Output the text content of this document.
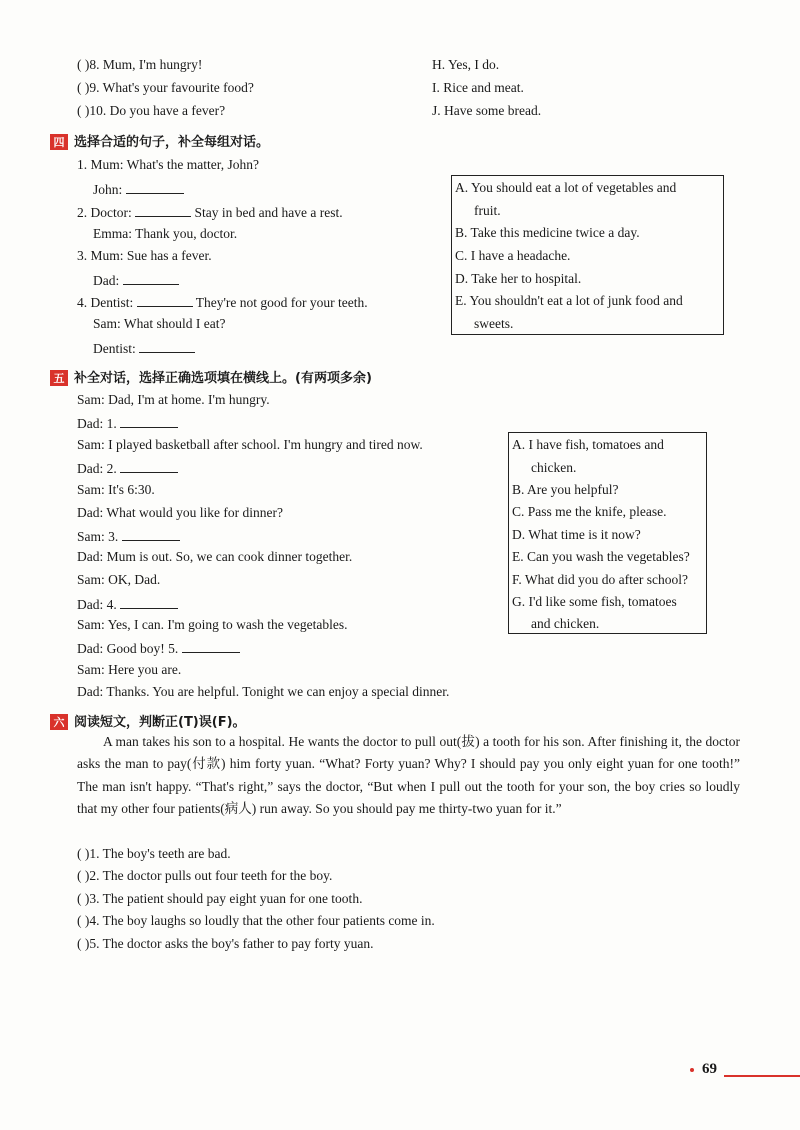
( )8. Mum, I'm hungry!
( )9. What's your favourite food?
( )10. Do you have a fever?
H. Yes, I do.
I. Rice and meat.
J. Have some bread.
四 选择合适的句子，补全每组对话。
1. Mum: What's the matter, John?
John:
2. Doctor:	Stay in bed and have a rest.
Emma: Thank you, doctor.
3. Mum: Sue has a fever.
Dad:
4. Dentist:	They're not good for your teeth.
Sam: What should I eat?
Dentist:
A. You should eat a lot of vegetables and
fruit.
B. Take this medicine twice a day.
C. I have a headache.
D. Take her to hospital.
E. You shouldn't eat a lot of junk food and
sweets.
五 补全对话，选择正确选项填在横线上。(有两项多余)
Sam: Dad, I'm at home. I'm hungry.
Dad: 1.
Sam: I played basketball after school. I'm hungry and tired now.
Dad: 2.
Sam: It's 6:30.
Dad: What would you like for dinner?
Sam: 3.
Dad: Mum is out. So, we can cook dinner together.
Sam: OK, Dad.
Dad: 4.
Sam: Yes, I can. I'm going to wash the vegetables.
Dad: Good boy! 5.
Sam: Here you are.
Dad: Thanks. You are helpful. Tonight we can enjoy a special dinner.
A. I have fish, tomatoes and
chicken.
B. Are you helpful?
C. Pass me the knife, please.
D. What time is it now?
E. Can you wash the vegetables?
F. What did you do after school?
G. I'd like some fish, tomatoes
and chicken.
六 阅读短文，判断正(T)误(F)。
A man takes his son to a hospital. He wants the doctor to pull out(拔) a tooth for his son. After finishing it, the doctor asks the man to pay(付款) him forty yuan. “What? Forty yuan? Why? I should pay you only eight yuan for one tooth!” The man isn't happy. “That's right,” says the doctor, “But when I pull out the tooth for your son, the boy cries so loudly that my other four patients(病人) run away. So you should pay me thirty-two yuan for it.”
( )1. The boy's teeth are bad.
( )2. The doctor pulls out four teeth for the boy.
( )3. The patient should pay eight yuan for one tooth.
( )4. The boy laughs so loudly that the other four patients come in.
( )5. The doctor asks the boy's father to pay forty yuan.
69
